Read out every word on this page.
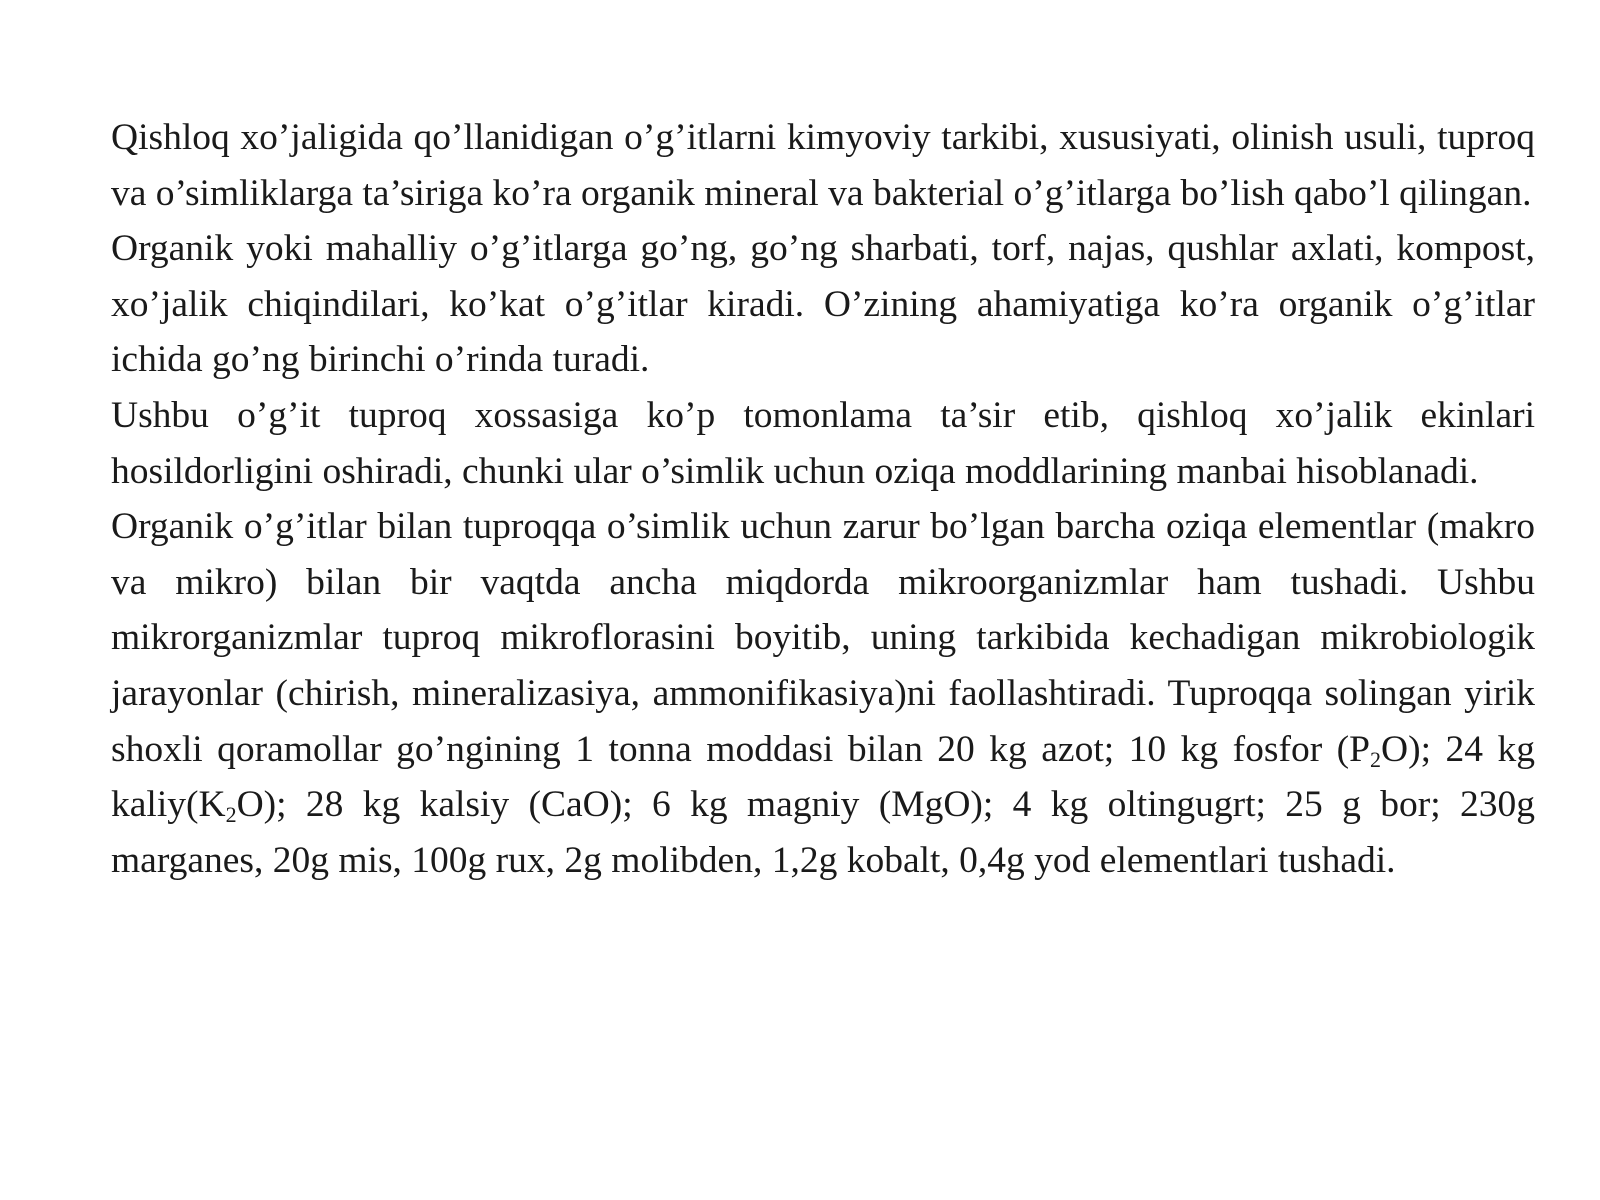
Qishloq xo’jaligida qo’llanidigan o’g’itlarni kimyoviy tarkibi, xususiyati, olinish usuli, tuproq va o’simliklarga ta’siriga ko’ra organik mineral va bakterial o’g’itlarga bo’lish qabo’l qilingan.

Organik yoki mahalliy o’g’itlarga go’ng, go’ng sharbati, torf, najas, qushlar axlati, kompost, xo’jalik chiqindilari, ko’kat o’g’itlar kiradi. O’zining ahamiyatiga ko’ra organik o’g’itlar ichida go’ng birinchi o’rinda turadi.

Ushbu o’g’it tuproq xossasiga ko’p tomonlama ta’sir etib, qishloq xo’jalik ekinlari hosildorligini oshiradi, chunki ular o’simlik uchun oziqa moddlarining manbai hisoblanadi.

Organik o’g’itlar bilan tuproqqa o’simlik uchun zarur bo’lgan barcha oziqa elementlar (makro va mikro) bilan bir vaqtda ancha miqdorda mikroorganizmlar ham tushadi. Ushbu mikrorganizmlar tuproq mikroflorasini boyitib, uning tarkibida kechadigan mikrobiologik jarayonlar (chirish, mineralizasiya, ammonifikasiya)ni faollashtiradi. Tuproqqa solingan yirik shoxli qoramollar go’ngining 1 tonna moddasi bilan 20 kg azot; 10 kg fosfor $(P_2O)$; 24 kg $kaliy(K_2O)$; 28 kg kalsiy (CaO); 6 kg magniy (MgO); 4 kg oltingugrt; 25 g bor; 230g marganes, 20g mis, 100g rux, 2g molibden, 1,2g kobalt, 0,4g yod elementlari tushadi.
